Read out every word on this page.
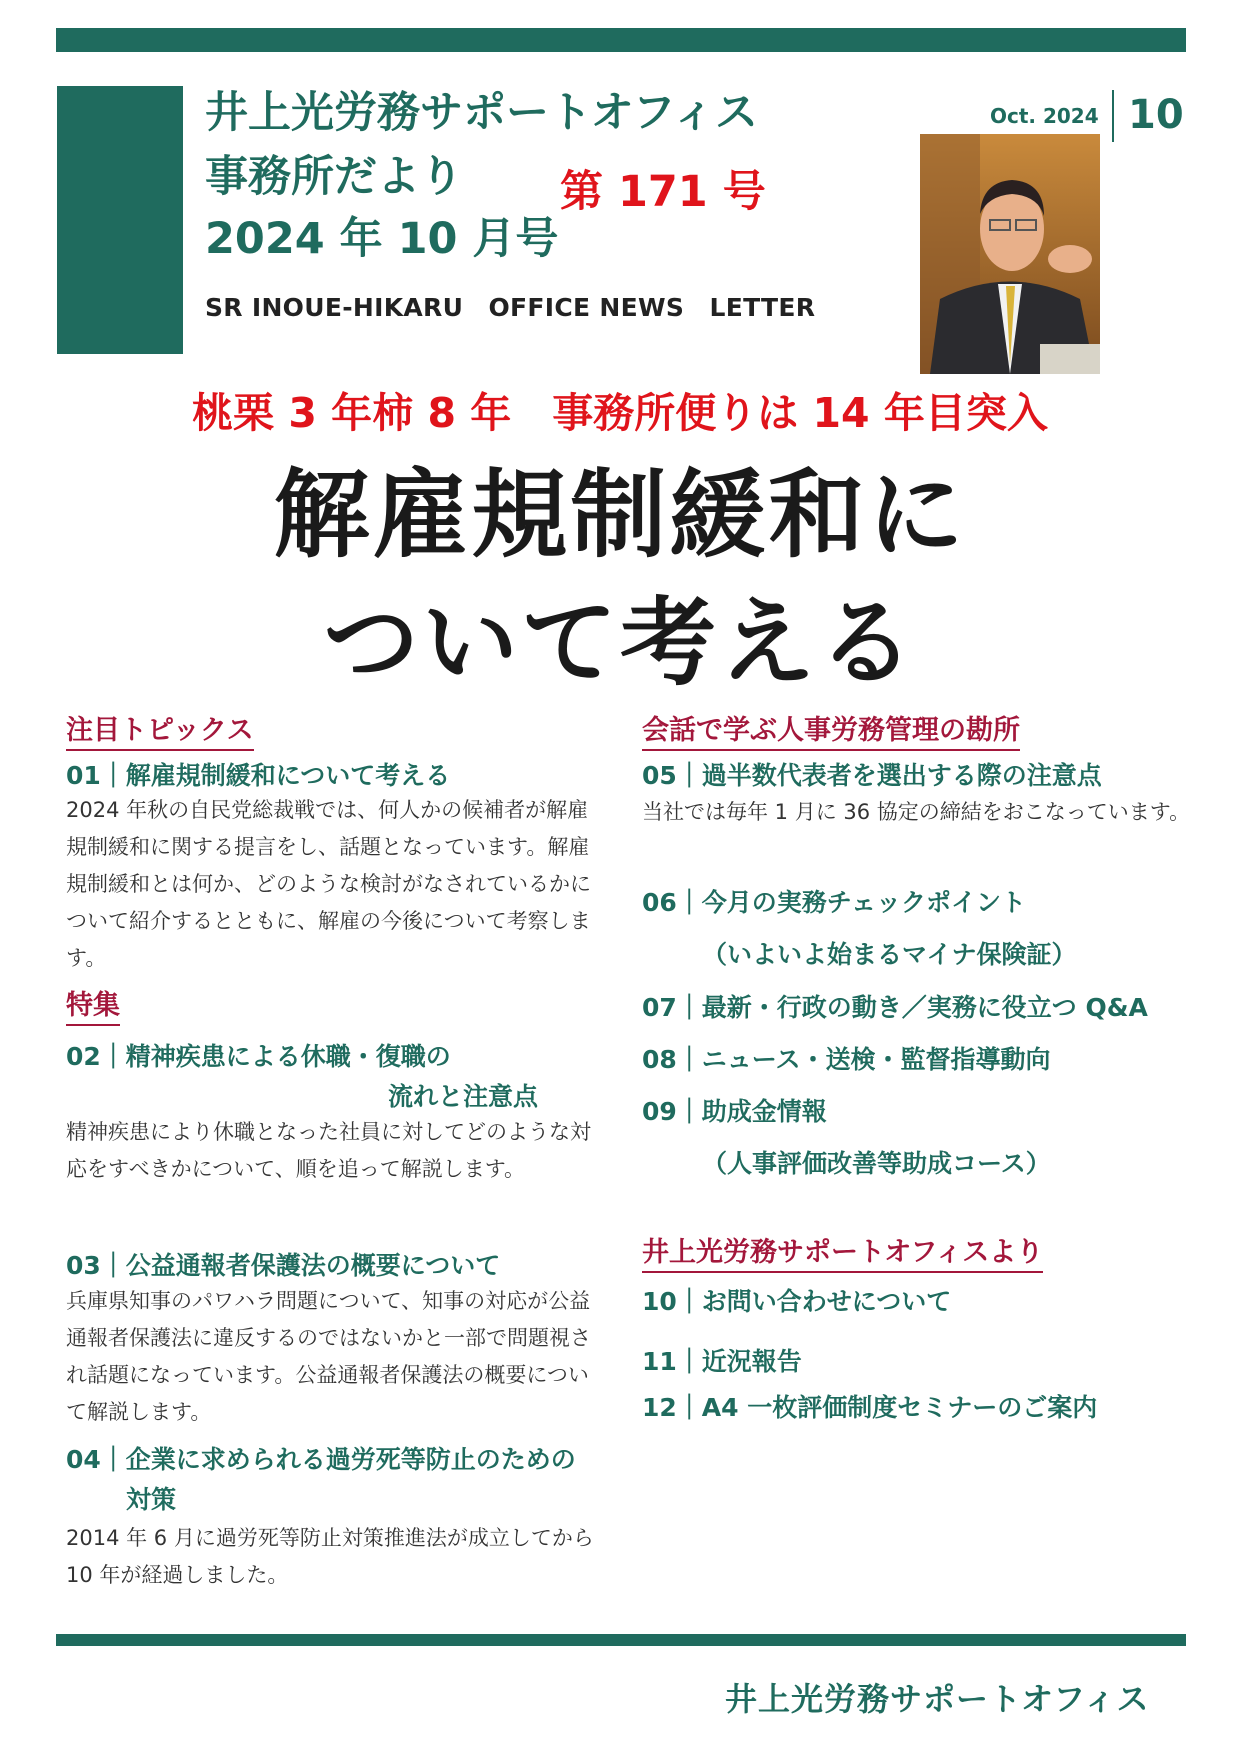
井上光労務サポートオフィス
事務所だより 第 171 号
2024 年 10 月号
SR INOUE-HIKARU　OFFICE NEWS　LETTER
Oct. 2024 10
桃栗 3 年柿 8 年　事務所便りは 14 年目突入
解雇規制緩和に
ついて考える
注目トピックス
01｜解雇規制緩和について考える
2024 年秋の自民党総裁戦では、何人かの候補者が解雇規制緩和に関する提言をし、話題となっています。解雇規制緩和とは何か、どのような検討がなされているかについて紹介するとともに、解雇の今後について考察します。
特集
02｜精神疾患による休職・復職の
流れと注意点
精神疾患により休職となった社員に対してどのような対応をすべきかについて、順を追って解説します。
03｜公益通報者保護法の概要について
兵庫県知事のパワハラ問題について、知事の対応が公益通報者保護法に違反するのではないかと一部で問題視され話題になっています。公益通報者保護法の概要について解説します。
04｜企業に求められる過労死等防止のための
対策
2014 年 6 月に過労死等防止対策推進法が成立してから 10 年が経過しました。
会話で学ぶ人事労務管理の勘所
05｜過半数代表者を選出する際の注意点
当社では毎年 1 月に 36 協定の締結をおこなっています。
06｜今月の実務チェックポイント
（いよいよ始まるマイナ保険証）
07｜最新・行政の動き／実務に役立つ Q&A
08｜ニュース・送検・監督指導動向
09｜助成金情報
（人事評価改善等助成コース）
井上光労務サポートオフィスより
10｜お問い合わせについて
11｜近況報告
12｜A4 一枚評価制度セミナーのご案内
井上光労務サポートオフィス
